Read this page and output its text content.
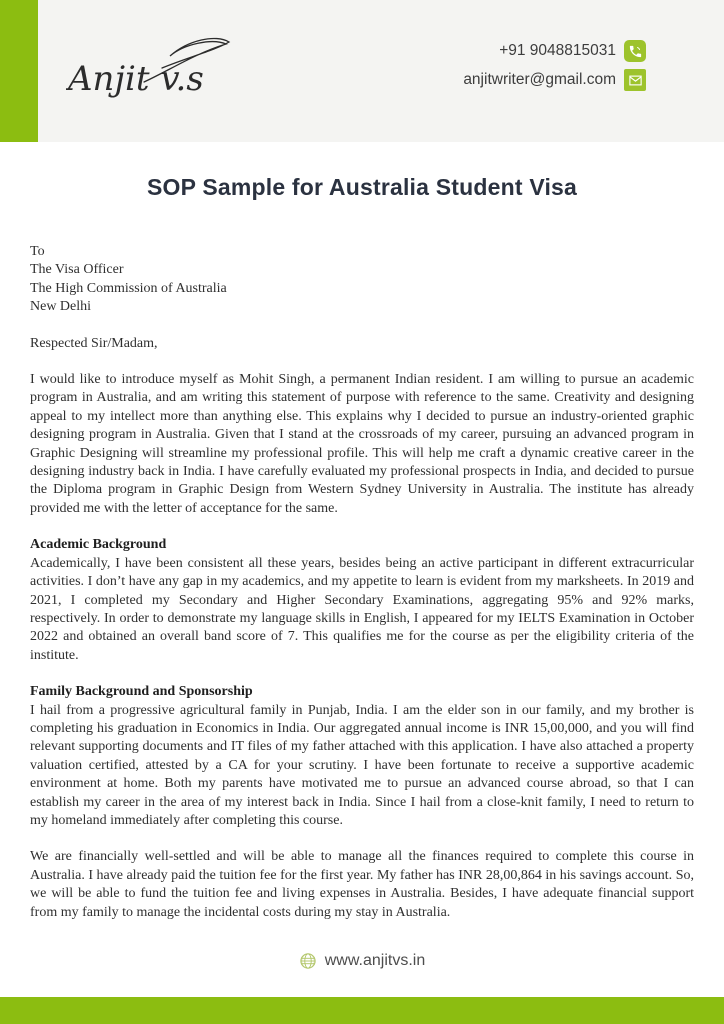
Anjit v.s
+91 9048815031
anjitwriter@gmail.com
SOP Sample for Australia Student Visa

To

The Visa Officer

The High Commission of Australia

New Delhi

Respected Sir/Madam,

I would like to introduce myself as Mohit Singh, a permanent Indian resident. I am willing to pursue an academic program in Australia, and am writing this statement of purpose with reference to the same. Creativity and designing appeal to my intellect more than anything else. This explains why I decided to pursue an industry-oriented graphic designing program in Australia. Given that I stand at the crossroads of my career, pursuing an advanced program in Graphic Designing will streamline my professional profile. This will help me craft a dynamic creative career in the designing industry back in India. I have carefully evaluated my professional prospects in India, and decided to pursue the Diploma program in Graphic Design from Western Sydney University in Australia. The institute has already provided me with the letter of acceptance for the same.

Academic Background

Academically, I have been consistent all these years, besides being an active participant in different extracurricular activities. I don’t have any gap in my academics, and my appetite to learn is evident from my marksheets. In 2019 and 2021, I completed my Secondary and Higher Secondary Examinations, aggregating 95% and 92% marks, respectively. In order to demonstrate my language skills in English, I appeared for my IELTS Examination in October 2022 and obtained an overall band score of 7. This qualifies me for the course as per the eligibility criteria of the institute.

Family Background and Sponsorship

I hail from a progressive agricultural family in Punjab, India. I am the elder son in our family, and my brother is completing his graduation in Economics in India. Our aggregated annual income is INR 15,00,000, and you will find relevant supporting documents and IT files of my father attached with this application. I have also attached a property valuation certified, attested by a CA for your scrutiny. I have been fortunate to receive a supportive academic environment at home. Both my parents have motivated me to pursue an advanced course abroad, so that I can establish my career in the area of my interest back in India. Since I hail from a close-knit family, I need to return to my homeland immediately after completing this course.

We are financially well-settled and will be able to manage all the finances required to complete this course in Australia. I have already paid the tuition fee for the first year. My father has INR 28,00,864 in his savings account. So, we will be able to fund the tuition fee and living expenses in Australia. Besides, I have adequate financial support from my family to manage the incidental costs during my stay in Australia.

www.anjitvs.in
